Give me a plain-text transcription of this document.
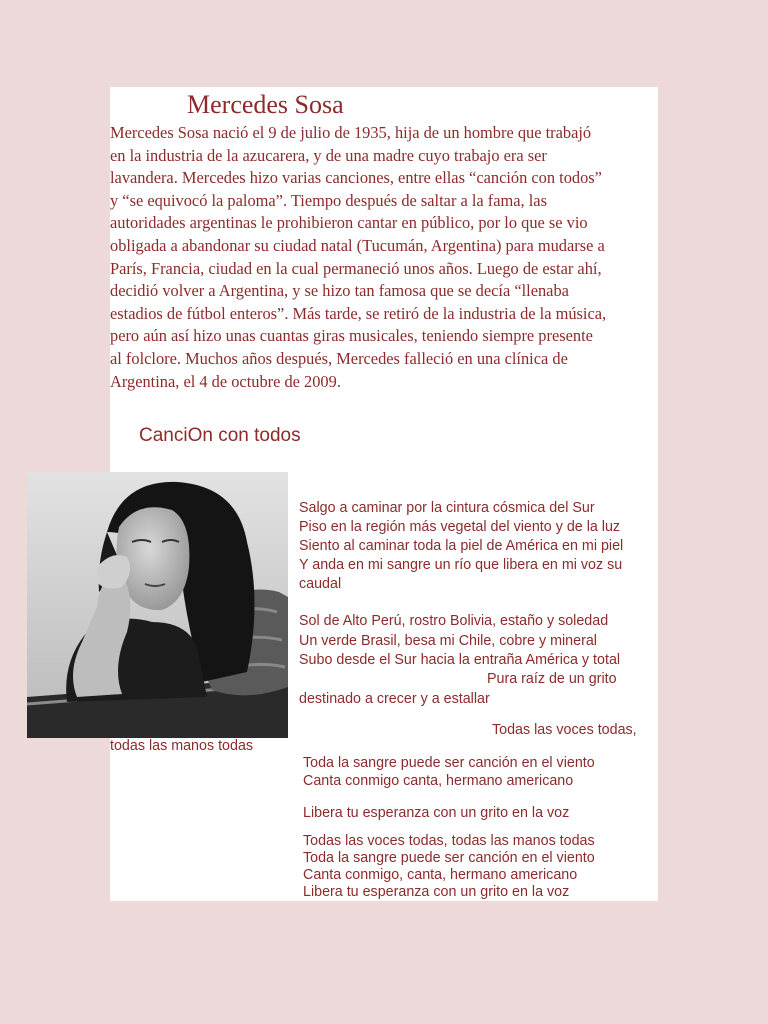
Mercedes Sosa
Mercedes Sosa nació el 9 de julio de 1935, hija de un hombre que trabajó
en la industria de la azucarera, y de una madre cuyo trabajo era ser
lavandera. Mercedes hizo varias canciones, entre ellas “canción con todos”
y “se equivocó la paloma”. Tiempo después de saltar a la fama, las
autoridades argentinas le prohibieron cantar en público, por lo que se vio
obligada a abandonar su ciudad natal (Tucumán, Argentina) para mudarse a
París, Francia, ciudad en la cual permaneció unos años. Luego de estar ahí,
decidió volver a Argentina, y se hizo tan famosa que se decía “llenaba
estadios de fútbol enteros”. Más tarde, se retiró de la industria de la música,
pero aún así hizo unas cuantas giras musicales, teniendo siempre presente
al folclore. Muchos años después, Mercedes falleció en una clínica de
Argentina, el 4 de octubre de 2009.
CanciOn con todos
Salgo a caminar por la cintura cósmica del Sur
Piso en la región más vegetal del viento y de la luz
Siento al caminar toda la piel de América en mi piel
Y anda en mi sangre un río que libera en mi voz su
caudal
Sol de Alto Perú, rostro Bolivia, estaño y soledad
Un verde Brasil, besa mi Chile, cobre y mineral
Subo desde el Sur hacia la entraña América y total
Pura raíz de un grito
destinado a crecer y a estallar
Todas las voces todas,
todas las manos todas
Toda la sangre puede ser canción en el viento
Canta conmigo canta, hermano americano
Libera tu esperanza con un grito en la voz
Todas las voces todas, todas las manos todas
Toda la sangre puede ser canción en el viento
Canta conmigo, canta, hermano americano
Libera tu esperanza con un grito en la voz
